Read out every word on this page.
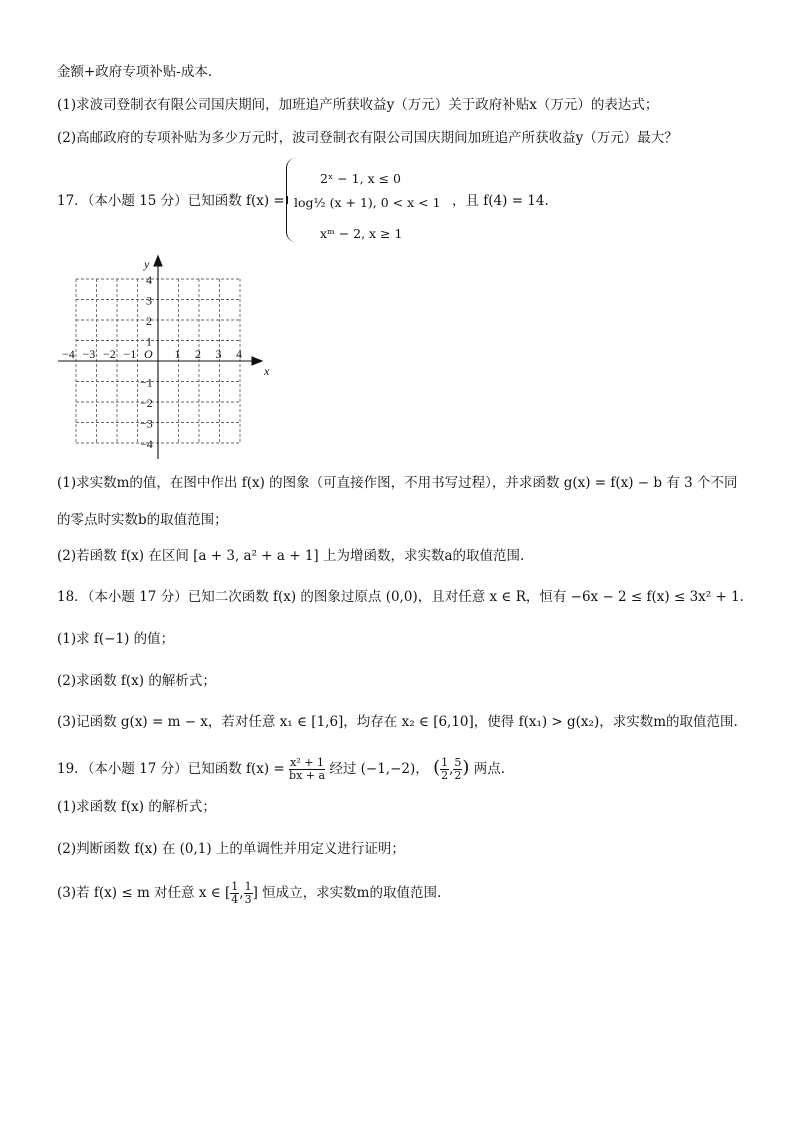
金额+政府专项补贴-成本.
(1)求波司登制衣有限公司国庆期间，加班追产所获收益y（万元）关于政府补贴x（万元）的表达式；
(2)高邮政府的专项补贴为多少万元时，波司登制衣有限公司国庆期间加班追产所获收益y（万元）最大？
17．（本小题 15 分）已知函数 f(x) =
2ˣ − 1, x ≤ 0
log½ (x + 1), 0 < x < 1
xᵐ − 2, x ≥ 1
，且 f(4) = 14.
x
y
O
−4 −3 −2 −1	1 2 3 4
4
3
2
1
−1
−2
−3
−4
(1)求实数m的值，在图中作出 f(x) 的图象（可直接作图，不用书写过程），并求函数 g(x) = f(x) − b 有 3 个不同
的零点时实数b的取值范围；
(2)若函数 f(x) 在区间 [a + 3, a² + a + 1] 上为增函数，求实数a的取值范围.
18．（本小题 17 分）已知二次函数 f(x) 的图象过原点 (0,0)，且对任意 x ∈ R，恒有 −6x − 2 ≤ f(x) ≤ 3x² + 1.
(1)求 f(−1) 的值；
(2)求函数 f(x) 的解析式；
(3)记函数 g(x) = m − x，若对任意 x₁ ∈ [1,6]，均存在 x₂ ∈ [6,10]，使得 f(x₁) > g(x₂)，求实数m的取值范围.
19．（本小题 17 分）已知函数 $f(x) = \frac{\text{x² + 1}}{bx + a}$ 经过 (−1,−2)， ( $\frac{1}{2}$ , $\frac{5}{2}$ ) 两点.
(1)求函数 f(x) 的解析式；
(2)判断函数 f(x) 在 (0,1) 上的单调性并用定义进行证明；
(3)若 f(x) ≤ m 对任意 x ∈ [ $\frac{1}{4}$ , $\frac{1}{3}$ ] 恒成立，求实数m的取值范围.
